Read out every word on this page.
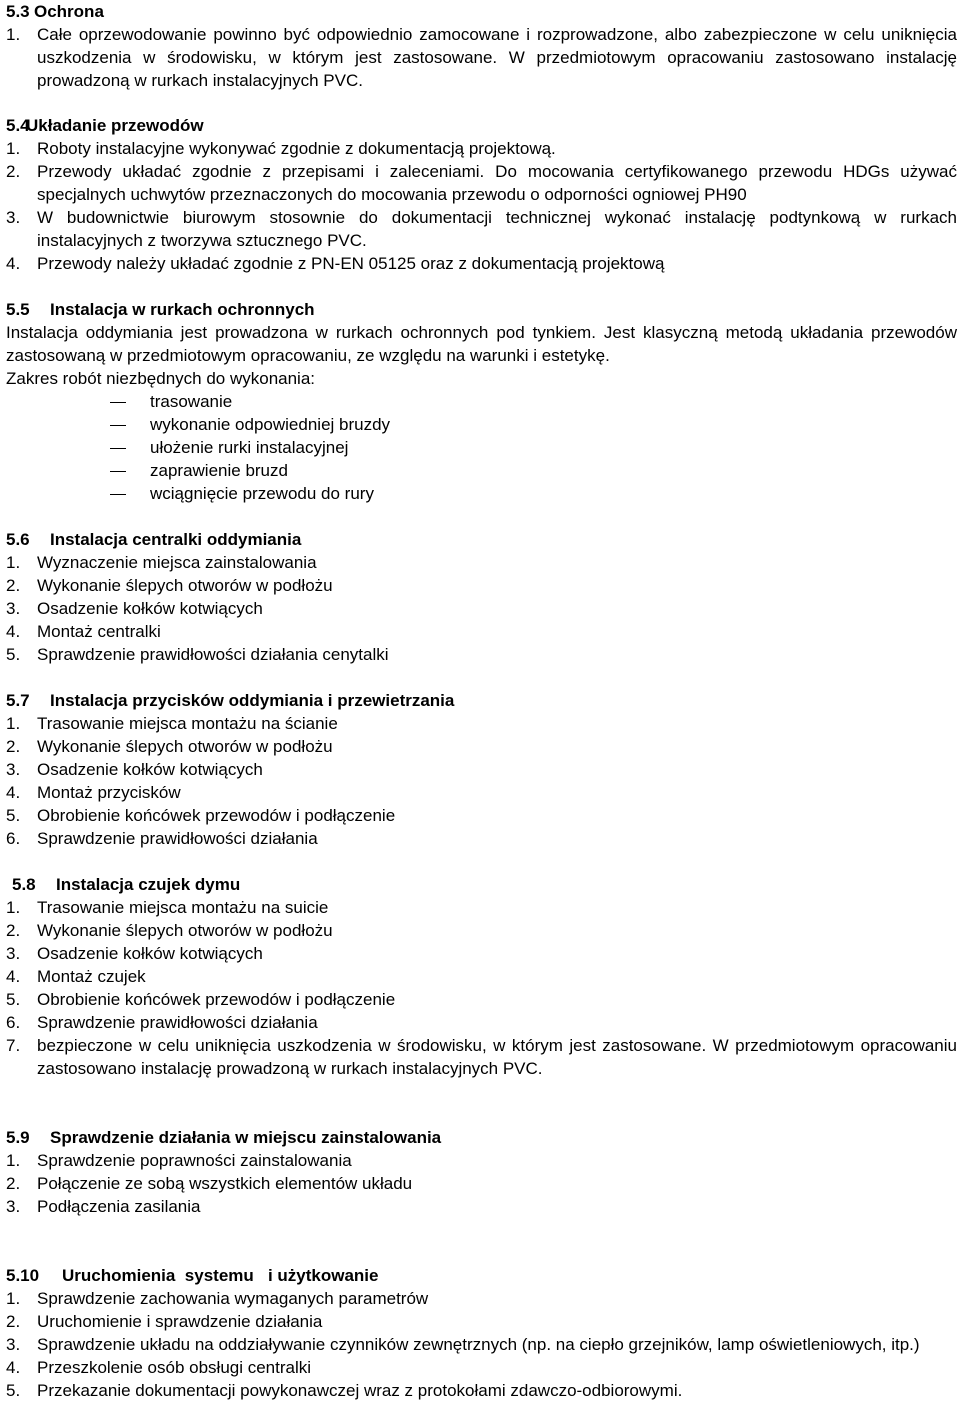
5.3 Ochrona
1. Całe oprzewodowanie powinno być odpowiednio zamocowane i rozprowadzone, albo zabezpieczone w celu uniknięcia uszkodzenia w środowisku, w którym jest zastosowane. W przedmiotowym opracowaniu zastosowano instalację prowadzoną w rurkach instalacyjnych PVC.
5.4
Układanie przewodów
1. Roboty instalacyjne wykonywać zgodnie z dokumentacją projektową.
2. Przewody układać zgodnie z przepisami i zaleceniami. Do mocowania certyfikowanego przewodu HDGs używać specjalnych uchwytów przeznaczonych do mocowania przewodu o odporności ogniowej PH90
3. W budownictwie biurowym stosownie do dokumentacji technicznej wykonać instalację podtynkową w rurkach instalacyjnych z tworzywa sztucznego PVC.
4. Przewody należy układać zgodnie z PN-EN 05125 oraz z dokumentacją projektową
5.5	Instalacja w rurkach ochronnych
Instalacja oddymiania jest prowadzona w rurkach ochronnych pod tynkiem. Jest klasyczną metodą układania przewodów zastosowaną w przedmiotowym opracowaniu, ze względu na warunki i estetykę.
Zakres robót niezbędnych do wykonania:
trasowanie
wykonanie odpowiedniej bruzdy
ułożenie rurki instalacyjnej
zaprawienie bruzd
wciągnięcie przewodu do rury
5.6	Instalacja centralki oddymiania
1. Wyznaczenie miejsca zainstalowania
2. Wykonanie ślepych otworów w podłożu
3. Osadzenie kołków kotwiących
4. Montaż centralki
5. Sprawdzenie prawidłowości działania cenytalki
5.7	Instalacja przycisków oddymiania i przewietrzania
1. Trasowanie miejsca montażu na ścianie
2. Wykonanie ślepych otworów w podłożu
3. Osadzenie kołków kotwiących
4. Montaż przycisków
5. Obrobienie końcówek przewodów i podłączenie
6. Sprawdzenie prawidłowości działania
5.8	Instalacja czujek dymu
1. Trasowanie miejsca montażu na suicie
2. Wykonanie ślepych otworów w podłożu
3. Osadzenie kołków kotwiących
4. Montaż czujek
5. Obrobienie końcówek przewodów i podłączenie
6. Sprawdzenie prawidłowości działania
7. bezpieczone w celu uniknięcia uszkodzenia w środowisku, w którym jest zastosowane. W przedmiotowym opracowaniu zastosowano instalację prowadzoną w rurkach instalacyjnych PVC.
5.9	Sprawdzenie działania w miejscu zainstalowania
1. Sprawdzenie poprawności zainstalowania
2. Połączenie ze sobą wszystkich elementów układu
3. Podłączenia zasilania
5.10	Uruchomienia  systemu   i użytkowanie
1. Sprawdzenie zachowania wymaganych parametrów
2. Uruchomienie i sprawdzenie działania
3. Sprawdzenie układu na oddziaływanie czynników zewnętrznych (np. na ciepło grzejników, lamp oświetleniowych, itp.)
4. Przeszkolenie osób obsługi centralki
5. Przekazanie dokumentacji powykonawczej wraz z protokołami zdawczo-odbiorowymi.
